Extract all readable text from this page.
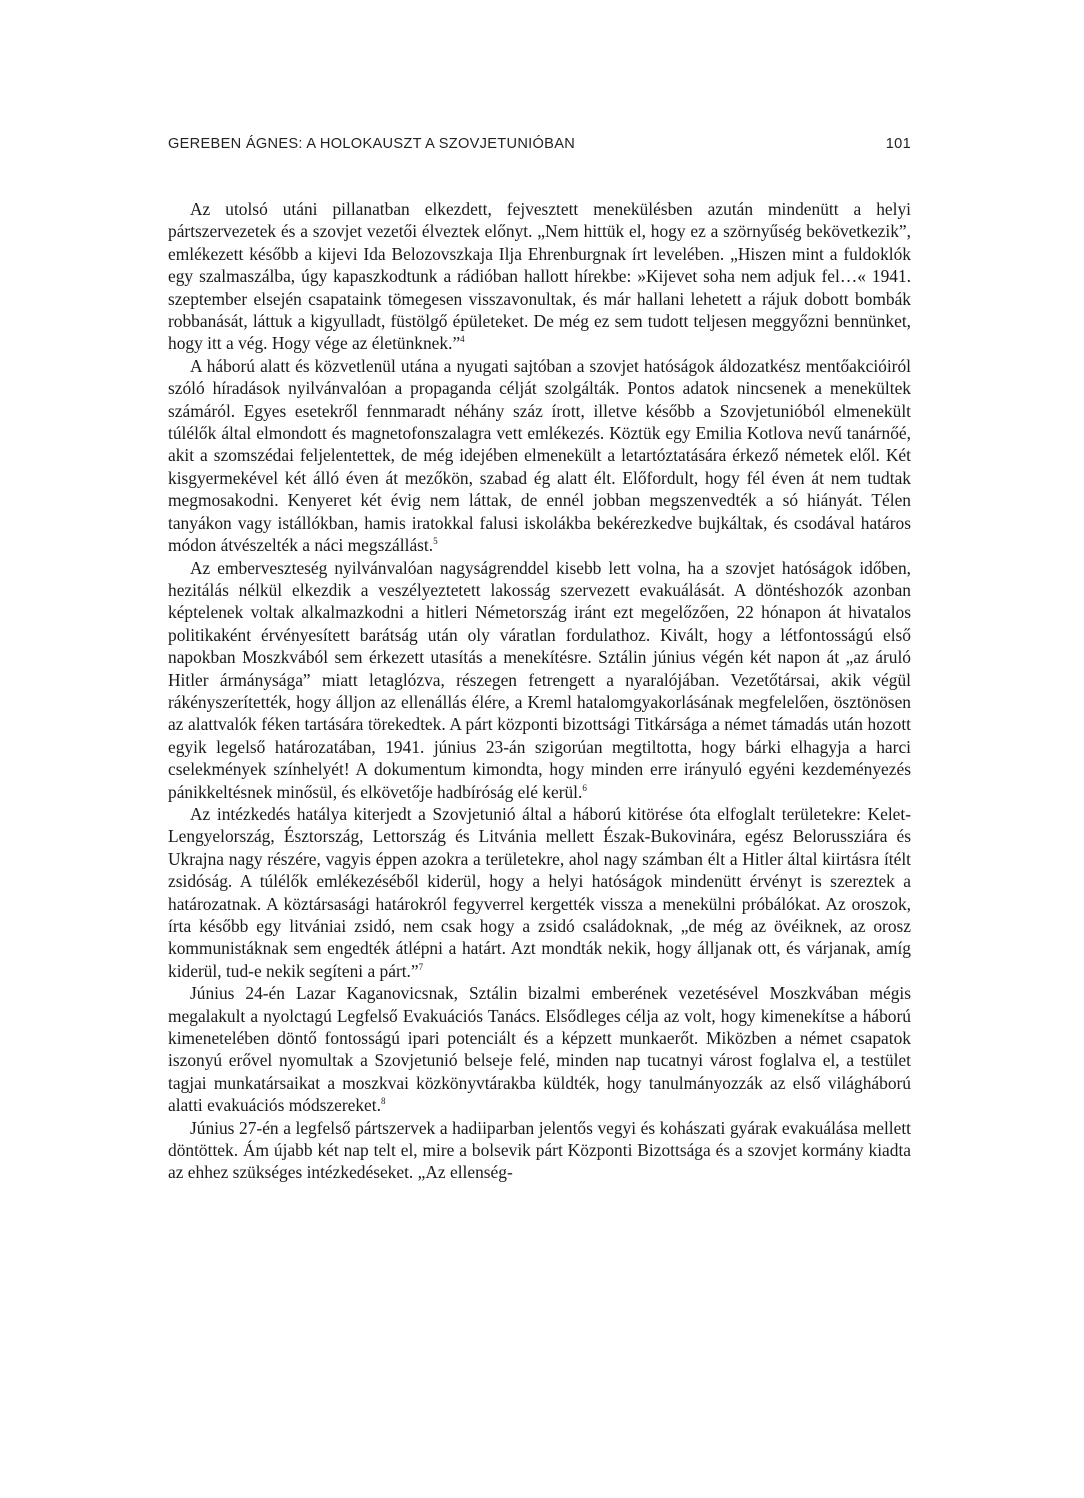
GEREBEN ÁGNES: A HOLOKAUSZT A SZOVJETUNIÓBAN	101

Az utolsó utáni pillanatban elkezdett, fejvesztett menekülésben azután mindenütt a helyi pártszervezetek és a szovjet vezetői élveztek előnyt. „Nem hittük el, hogy ez a szörnyűség bekövetkezik”, emlékezett később a kijevi Ida Belozovszkaja Ilja Ehrenburgnak írt levelében. „Hiszen mint a fuldoklók egy szalmaszálba, úgy kapaszkodtunk a rádióban hallott hírekbe: »Kijevet soha nem adjuk fel…« 1941. szeptember elsején csapataink tömegesen visszavonultak, és már hallani lehetett a rájuk dobott bombák robbanását, láttuk a kigyulladt, füstölgő épületeket. De még ez sem tudott teljesen meggyőzni bennünket, hogy itt a vég. Hogy vége az életünknek.”$^4$

A háború alatt és közvetlenül utána a nyugati sajtóban a szovjet hatóságok áldozatkész mentőakcióiról szóló híradások nyilvánvalóan a propaganda célját szolgálták. Pontos adatok nincsenek a menekültek számáról. Egyes esetekről fennmaradt néhány száz írott, illetve később a Szovjetunióból elmenekült túlélők által elmondott és magnetofonszalagra vett emlékezés. Köztük egy Emilia Kotlova nevű tanárnőé, akit a szomszédai feljelentettek, de még idejében elmenekült a letartóztatására érkező németek elől. Két kisgyermekével két álló éven át mezőkön, szabad ég alatt élt. Előfordult, hogy fél éven át nem tudtak megmosakodni. Kenyeret két évig nem láttak, de ennél jobban megszenvedték a só hiányát. Télen tanyákon vagy istállókban, hamis iratokkal falusi iskolákba bekérezkedve bujkáltak, és csodával határos módon átvészelték a náci megszállást.$^5$

Az emberveszteség nyilvánvalóan nagyságrenddel kisebb lett volna, ha a szovjet hatóságok időben, hezitálás nélkül elkezdik a veszélyeztetett lakosság szervezett evakuálását. A döntéshozók azonban képtelenek voltak alkalmazkodni a hitleri Németország iránt ezt megelőzően, 22 hónapon át hivatalos politikaként érvényesített barátság után oly váratlan fordulathoz. Kivált, hogy a létfontosságú első napokban Moszkvából sem érkezett utasítás a menekítésre. Sztálin június végén két napon át „az áruló Hitler ármánysága” miatt letaglózva, részegen fetrengett a nyaralójában. Vezetőtársai, akik végül rákényszerítették, hogy álljon az ellenállás élére, a Kreml hatalomgyakorlásának megfelelően, ösztönösen az alattvalók féken tartására törekedtek. A párt központi bizottsági Titkársága a német támadás után hozott egyik legelső határozatában, 1941. június 23-án szigorúan megtiltotta, hogy bárki elhagyja a harci cselekmények színhelyét! A dokumentum kimondta, hogy minden erre irányuló egyéni kezdeményezés pánikkeltésnek minősül, és elkövetője hadbíróság elé kerül.$^6$

Az intézkedés hatálya kiterjedt a Szovjetunió által a háború kitörése óta elfoglalt területekre: Kelet-Lengyelország, Észtország, Lettország és Litvánia mellett Észak-Bukovinára, egész Belorussziára és Ukrajna nagy részére, vagyis éppen azokra a területekre, ahol nagy számban élt a Hitler által kiirtásra ítélt zsidóság. A túlélők emlékezéséből kiderül, hogy a helyi hatóságok mindenütt érvényt is szereztek a határozatnak. A köztársasági határokról fegyverrel kergették vissza a menekülni próbálókat. Az oroszok, írta később egy litvániai zsidó, nem csak hogy a zsidó családoknak, „de még az övéiknek, az orosz kommunistáknak sem engedték átlépni a határt. Azt mondták nekik, hogy álljanak ott, és várjanak, amíg kiderül, tud-e nekik segíteni a párt.”$^7$

Június 24-én Lazar Kaganovicsnak, Sztálin bizalmi emberének vezetésével Moszkvában mégis megalakult a nyolctagú Legfelső Evakuációs Tanács. Elsődleges célja az volt, hogy kimenekítse a háború kimenetelében döntő fontosságú ipari potenciált és a képzett munkaerőt. Miközben a német csapatok iszonyú erővel nyomultak a Szovjetunió belseje felé, minden nap tucatnyi várost foglalva el, a testület tagjai munkatársaikat a moszkvai közkönyvtárakba küldték, hogy tanulmányozzák az első világháború alatti evakuációs módszereket.$^8$

Június 27-én a legfelső pártszervek a hadiiparban jelentős vegyi és kohászati gyárak evakuálása mellett döntöttek. Ám újabb két nap telt el, mire a bolsevik párt Központi Bizottsága és a szovjet kormány kiadta az ehhez szükséges intézkedéseket. „Az ellenség-
